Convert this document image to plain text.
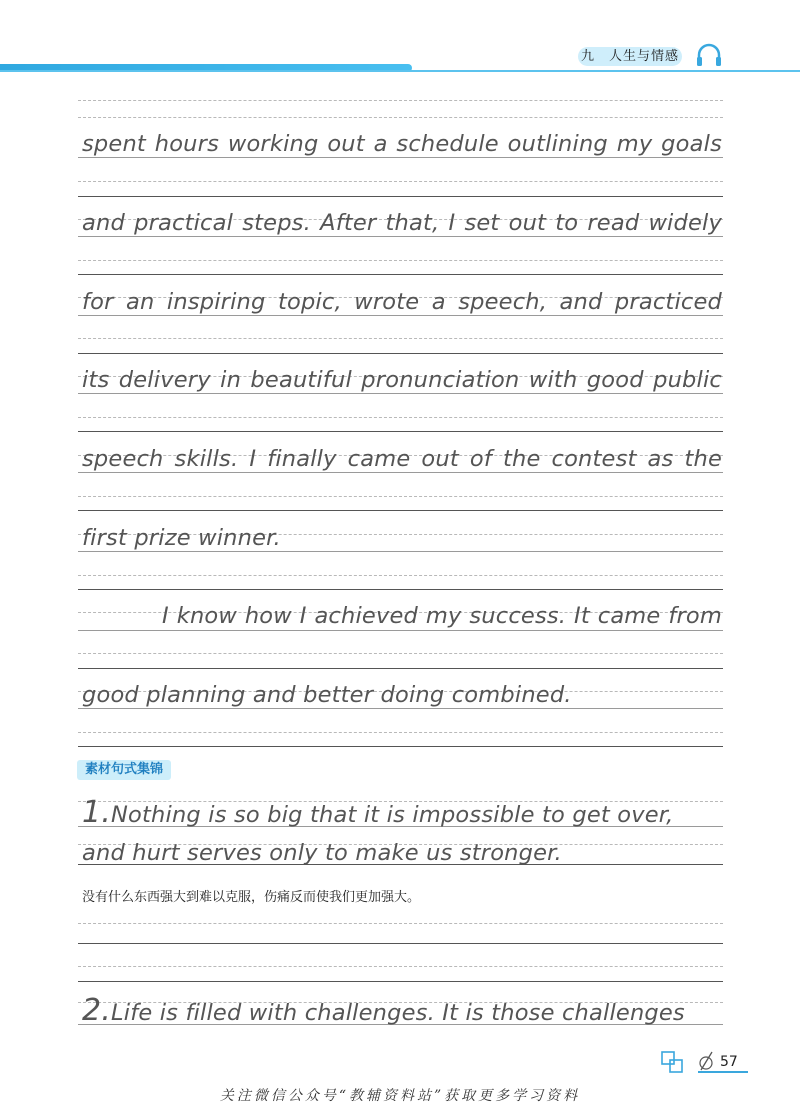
九　人生与情感
spent hours working out a schedule outlining my goals
and practical steps. After that, I set out to read widely
for an inspiring topic, wrote a speech, and practiced
its delivery in beautiful pronunciation with good public
speech skills. I finally came out of the contest as the
first prize winner.
I know how I achieved my success. It came from
good planning and better doing combined.
素材句式集锦
1.Nothing is so big that it is impossible to get over,
and hurt serves only to make us stronger.
没有什么东西强大到难以克服，伤痛反而使我们更加强大。
2.Life is filled with challenges. It is those challenges
57
关注微信公众号“教辅资料站”获取更多学习资料
